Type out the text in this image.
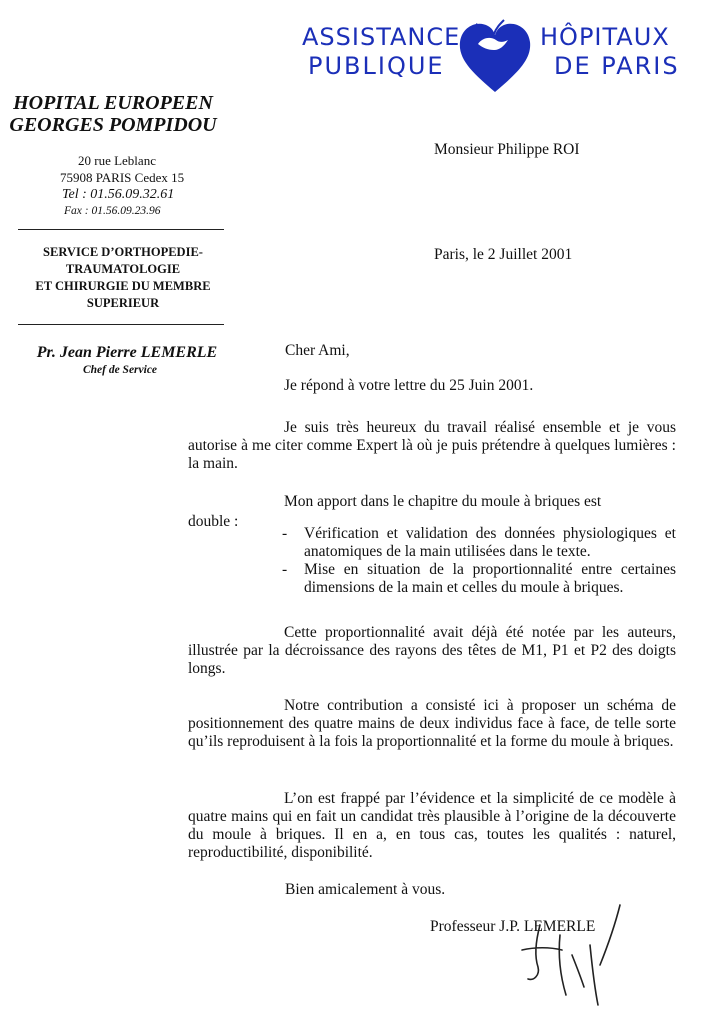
ASSISTANCE
PUBLIQUE
HÔPITAUX
DE PARIS
HOPITAL EUROPEEN
GEORGES POMPIDOU
20 rue Leblanc
75908 PARIS Cedex 15
Tel : 01.56.09.32.61
Fax : 01.56.09.23.96
SERVICE D’ORTHOPEDIE-
TRAUMATOLOGIE
ET CHIRURGIE DU MEMBRE
SUPERIEUR
Pr. Jean Pierre LEMERLE
Chef de Service
Monsieur Philippe ROI
Paris, le 2 Juillet 2001
Cher Ami,

Je répond à votre lettre du 25 Juin 2001.

Je suis très heureux du travail réalisé ensemble et je vous autorise à me citer comme Expert là où je puis prétendre à quelques lumières : la main.

Mon apport dans le chapitre du moule à briques est

double :

- Vérification et validation des données physiologiques et anatomiques de la main utilisées dans le texte.
- Mise en situation de la proportionnalité entre certaines dimensions de la main et celles du moule à briques.

Cette proportionnalité avait déjà été notée par les auteurs, illustrée par la décroissance des rayons des têtes de M1, P1 et P2 des doigts longs.

Notre contribution a consisté ici à proposer un schéma de positionnement des quatre mains de deux individus face à face, de telle sorte qu’ils reproduisent à la fois la proportionnalité et la forme du moule à briques.

L’on est frappé par l’évidence et la simplicité de ce modèle à quatre mains qui en fait un candidat très plausible à l’origine de la découverte du moule à briques. Il en a, en tous cas, toutes les qualités : naturel, reproductibilité, disponibilité.

Bien amicalement à vous.
Professeur J.P. LEMERLE
